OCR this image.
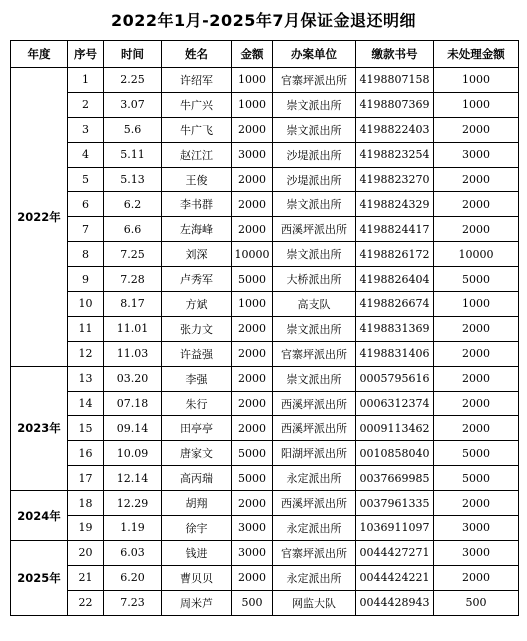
2022年1月-2025年7月保证金退还明细
年度	序号	时间	姓名	金额	办案单位	缴款书号	未处理金额
2022年	1	2.25	许绍军	1000	官寨坪派出所	4198807158	1000
	2	3.07	牛广兴	1000	崇文派出所	4198807369	1000
	3	5.6	牛广飞	2000	崇文派出所	4198822403	2000
	4	5.11	赵江江	3000	沙堤派出所	4198823254	3000
	5	5.13	王俊	2000	沙堤派出所	4198823270	2000
	6	6.2	李书群	2000	崇文派出所	4198824329	2000
	7	6.6	左海峰	2000	西溪坪派出所	4198824417	2000
	8	7.25	刘深	10000	崇文派出所	4198826172	10000
	9	7.28	卢秀军	5000	大桥派出所	4198826404	5000
	10	8.17	方斌	1000	高支队	4198826674	1000
	11	11.01	张力文	2000	崇文派出所	4198831369	2000
	12	11.03	许益强	2000	官寨坪派出所	4198831406	2000
2023年	13	03.20	李强	2000	崇文派出所	0005795616	2000
	14	07.18	朱行	2000	西溪坪派出所	0006312374	2000
	15	09.14	田亭亭	2000	西溪坪派出所	0009113462	2000
	16	10.09	唐家文	5000	阳湖坪派出所	0010858040	5000
	17	12.14	高丙瑞	5000	永定派出所	0037669985	5000
2024年	18	12.29	胡翔	2000	西溪坪派出所	0037961335	2000
	19	1.19	徐宇	3000	永定派出所	1036911097	3000
2025年	20	6.03	钱进	3000	官寨坪派出所	0044427271	3000
	21	6.20	曹贝贝	2000	永定派出所	0044424221	2000
	22	7.23	周米芦	500	网监大队	0044428943	500
